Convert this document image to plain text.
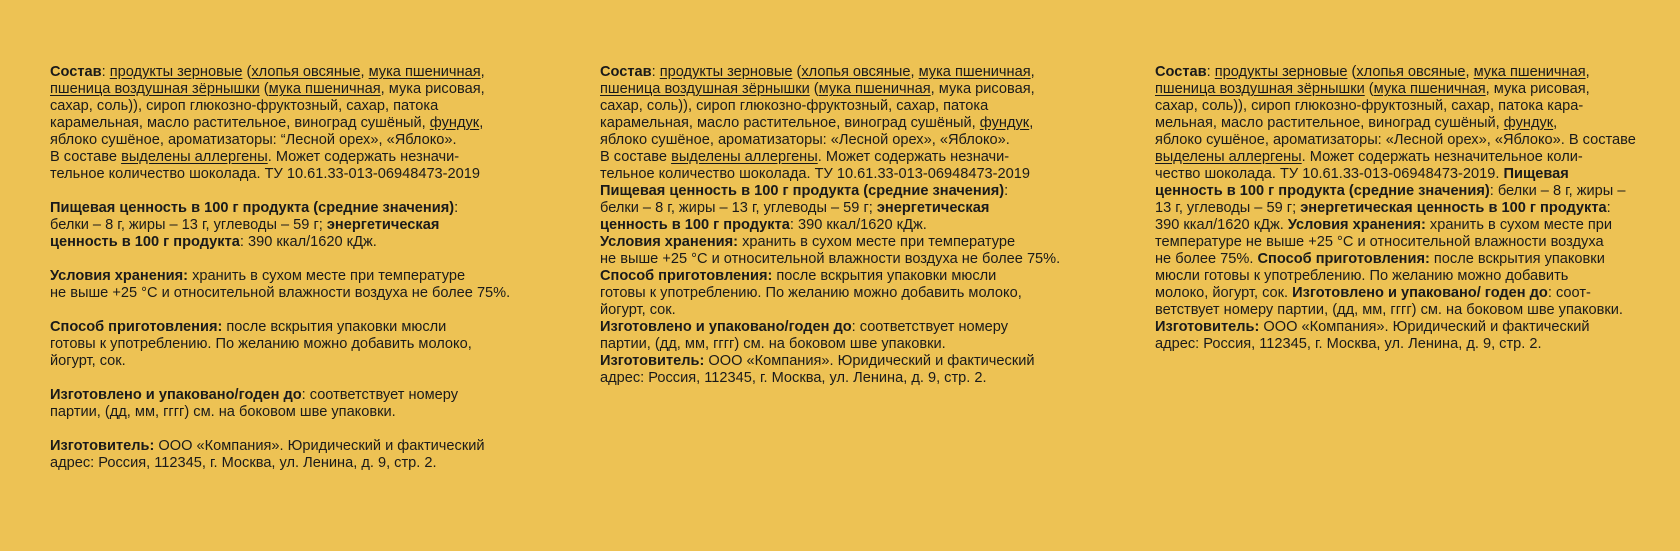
Состав: продукты зерновые (хлопья овсяные, мука пшеничная,
пшеница воздушная зёрнышки (мука пшеничная, мука рисовая,
сахар, соль)), сироп глюкозно-фруктозный, сахар, патока
карамельная, масло растительное, виноград сушёный, фундук,
яблоко сушёное, ароматизаторы: “Лесной орех», «Яблоко».
В составе выделены аллергены. Может содержать незначи-
тельное количество шоколада. ТУ 10.61.33-013-06948473-2019
Пищевая ценность в 100 г продукта (средние значения):
белки – 8 г, жиры – 13 г, углеводы – 59 г; энергетическая
ценность в 100 г продукта: 390 ккал/1620 кДж.
Условия хранения: хранить в сухом месте при температуре
не выше +25 °С и относительной влажности воздуха не более 75%.
Способ приготовления: после вскрытия упаковки мюсли
готовы к употреблению. По желанию можно добавить молоко,
йогурт, сок.
Изготовлено и упаковано/годен до: соответствует номеру
партии, (дд, мм, гггг) см. на боковом шве упаковки.
Изготовитель: ООО «Компания». Юридический и фактический
адрес: Россия, 112345, г. Москва, ул. Ленина, д. 9, стр. 2.
Состав: продукты зерновые (хлопья овсяные, мука пшеничная,
пшеница воздушная зёрнышки (мука пшеничная, мука рисовая,
сахар, соль)), сироп глюкозно-фруктозный, сахар, патока
карамельная, масло растительное, виноград сушёный, фундук,
яблоко сушёное, ароматизаторы: «Лесной орех», «Яблоко».
В составе выделены аллергены. Может содержать незначи-
тельное количество шоколада. ТУ 10.61.33-013-06948473-2019
Пищевая ценность в 100 г продукта (средние значения):
белки – 8 г, жиры – 13 г, углеводы – 59 г; энергетическая
ценность в 100 г продукта: 390 ккал/1620 кДж.
Условия хранения: хранить в сухом месте при температуре
не выше +25 °С и относительной влажности воздуха не более 75%.
Способ приготовления: после вскрытия упаковки мюсли
готовы к употреблению. По желанию можно добавить молоко,
йогурт, сок.
Изготовлено и упаковано/годен до: соответствует номеру
партии, (дд, мм, гггг) см. на боковом шве упаковки.
Изготовитель: ООО «Компания». Юридический и фактический
адрес: Россия, 112345, г. Москва, ул. Ленина, д. 9, стр. 2.
Состав: продукты зерновые (хлопья овсяные, мука пшеничная,
пшеница воздушная зёрнышки (мука пшеничная, мука рисовая,
сахар, соль)), сироп глюкозно-фруктозный, сахар, патока кара-
мельная, масло растительное, виноград сушёный, фундук,
яблоко сушёное, ароматизаторы: «Лесной орех», «Яблоко». В составе
выделены аллергены. Может содержать незначительное коли-
чество шоколада. ТУ 10.61.33-013-06948473-2019. Пищевая
ценность в 100 г продукта (средние значения): белки – 8 г, жиры –
13 г, углеводы – 59 г; энергетическая ценность в 100 г продукта:
390 ккал/1620 кДж. Условия хранения: хранить в сухом месте при
температуре не выше +25 °С и относительной влажности воздуха
не более 75%. Способ приготовления: после вскрытия упаковки
мюсли готовы к употреблению. По желанию можно добавить
молоко, йогурт, сок. Изготовлено и упаковано/ годен до: соот-
ветствует номеру партии, (дд, мм, гггг) см. на боковом шве упаковки.
Изготовитель: ООО «Компания». Юридический и фактический
адрес: Россия, 112345, г. Москва, ул. Ленина, д. 9, стр. 2.
